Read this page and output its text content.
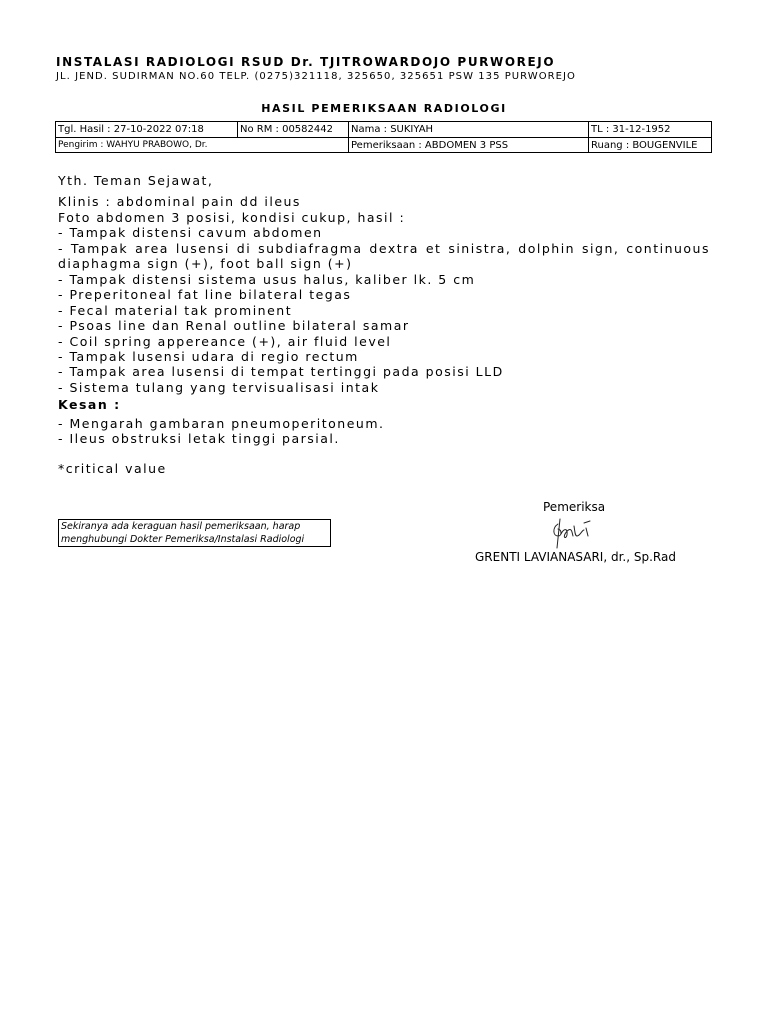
INSTALASI RADIOLOGI RSUD Dr. TJITROWARDOJO PURWOREJO
JL. JEND. SUDIRMAN NO.60 TELP. (0275)321118, 325650, 325651 PSW 135 PURWOREJO
HASIL PEMERIKSAAN RADIOLOGI
Tgl. Hasil : 27-10-2022 07:18	No RM : 00582442	Nama : SUKIYAH	TL : 31-12-1952
Pengirim : WAHYU PRABOWO, Dr.	Pemeriksaan : ABDOMEN 3 PSS	Ruang : BOUGENVILE
Yth. Teman Sejawat,
Klinis : abdominal pain dd ileus
Foto abdomen 3 posisi, kondisi cukup, hasil :
- Tampak distensi cavum abdomen
- Tampak area lusensi di subdiafragma dextra et sinistra, dolphin sign, continuous diaphagma sign (+), foot ball sign (+)
- Tampak distensi sistema usus halus, kaliber lk. 5 cm
- Preperitoneal fat line bilateral tegas
- Fecal material tak prominent
- Psoas line dan Renal outline bilateral samar
- Coil spring appereance (+), air fluid level
- Tampak lusensi udara di regio rectum
- Tampak area lusensi di tempat tertinggi pada posisi LLD
- Sistema tulang yang tervisualisasi intak
Kesan :
- Mengarah gambaran pneumoperitoneum.
- Ileus obstruksi letak tinggi parsial.
*critical value
Sekiranya ada keraguan hasil pemeriksaan, harap
menghubungi Dokter Pemeriksa/Instalasi Radiologi
Pemeriksa
GRENTI LAVIANASARI, dr., Sp.Rad
